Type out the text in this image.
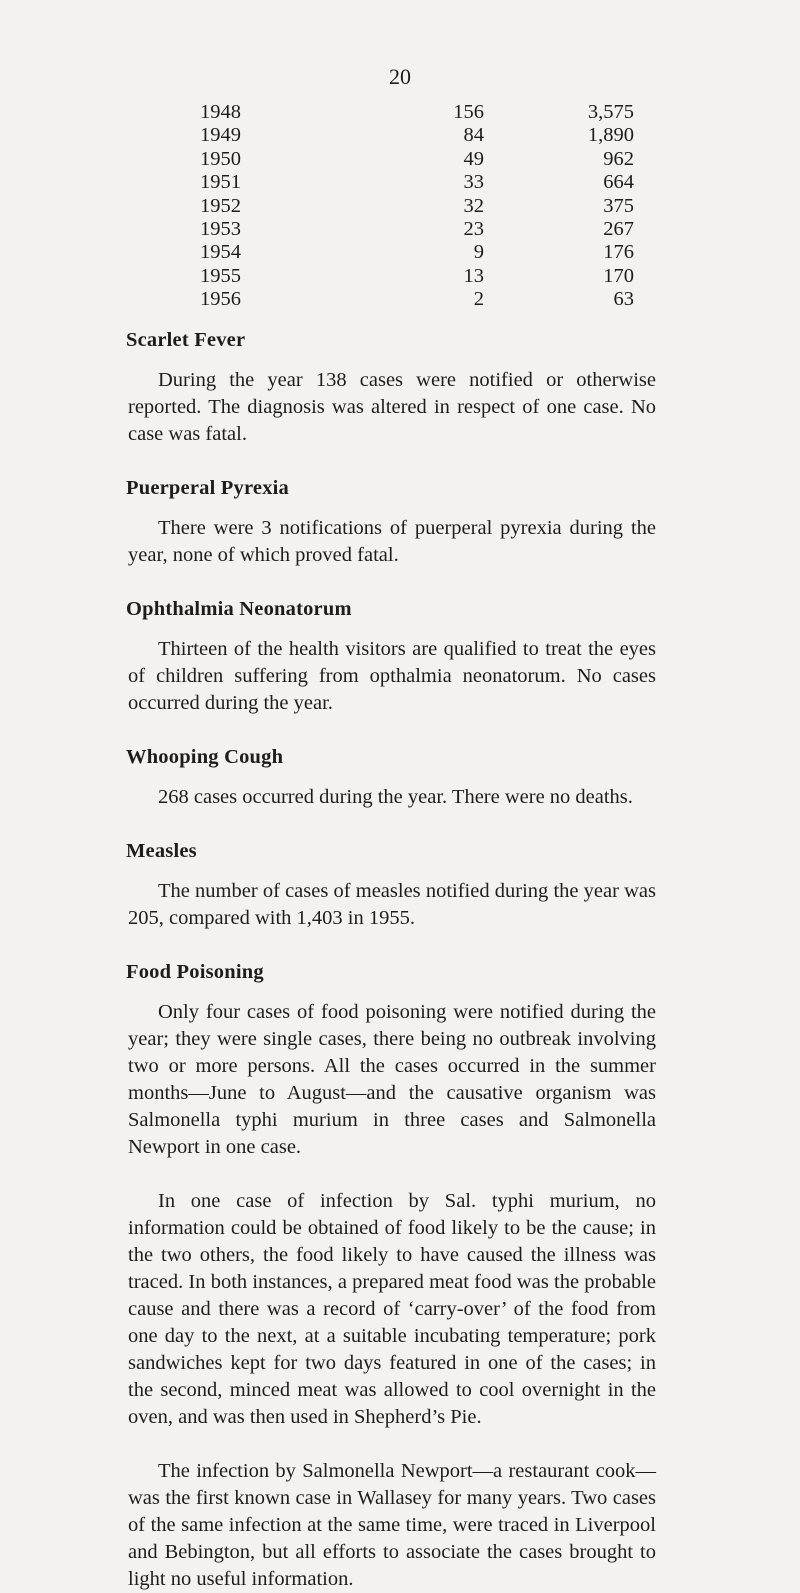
20
1948	156	3,575
1949	84	1,890
1950	49	962
1951	33	664
1952	32	375
1953	23	267
1954	9	176
1955	13	170
1956	2	63
Scarlet Fever

During the year 138 cases were notified or otherwise reported. The diagnosis was altered in respect of one case. No case was fatal.

Puerperal Pyrexia

There were 3 notifications of puerperal pyrexia during the year, none of which proved fatal.

Ophthalmia Neonatorum

Thirteen of the health visitors are qualified to treat the eyes of children suffering from opthalmia neonatorum. No cases occurred during the year.

Whooping Cough

268 cases occurred during the year. There were no deaths.

Measles

The number of cases of measles notified during the year was 205, compared with 1,403 in 1955.

Food Poisoning

Only four cases of food poisoning were notified during the year; they were single cases, there being no outbreak involving two or more persons. All the cases occurred in the summer months—June to August—and the causative organism was Salmonella typhi murium in three cases and Salmonella Newport in one case.

In one case of infection by Sal. typhi murium, no information could be obtained of food likely to be the cause; in the two others, the food likely to have caused the illness was traced. In both instances, a prepared meat food was the probable cause and there was a record of ‘carry-over’ of the food from one day to the next, at a suitable incubating temperature; pork sandwiches kept for two days featured in one of the cases; in the second, minced meat was allowed to cool overnight in the oven, and was then used in Shepherd’s Pie.

The infection by Salmonella Newport—a restaurant cook—was the first known case in Wallasey for many years. Two cases of the same infection at the same time, were traced in Liverpool and Bebington, but all efforts to associate the cases brought to light no useful information.
